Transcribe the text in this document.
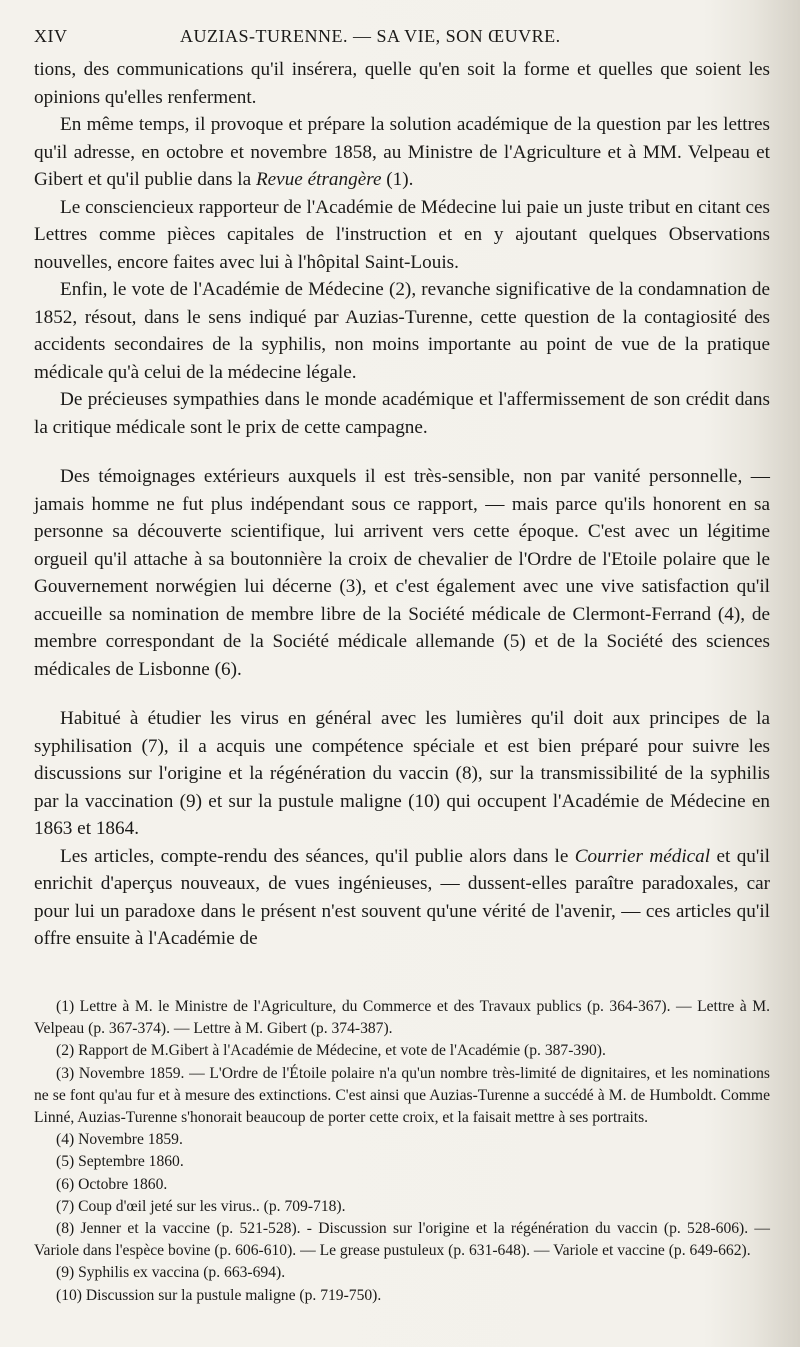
XIV	AUZIAS-TURENNE. — SA VIE, SON ŒUVRE.

tions, des communications qu'il insérera, quelle qu'en soit la forme et quelles que soient les opinions qu'elles renferment.

En même temps, il provoque et prépare la solution académique de la question par les lettres qu'il adresse, en octobre et novembre 1858, au Ministre de l'Agriculture et à MM. Velpeau et Gibert et qu'il publie dans la Revue étrangère (1).

Le consciencieux rapporteur de l'Académie de Médecine lui paie un juste tribut en citant ces Lettres comme pièces capitales de l'instruction et en y ajoutant quelques Observations nouvelles, encore faites avec lui à l'hôpital Saint-Louis.

Enfin, le vote de l'Académie de Médecine (2), revanche significative de la condamnation de 1852, résout, dans le sens indiqué par Auzias-Turenne, cette question de la contagiosité des accidents secondaires de la syphilis, non moins importante au point de vue de la pratique médicale qu'à celui de la médecine légale.

De précieuses sympathies dans le monde académique et l'affermissement de son crédit dans la critique médicale sont le prix de cette campagne.

Des témoignages extérieurs auxquels il est très-sensible, non par vanité personnelle, — jamais homme ne fut plus indépendant sous ce rapport, — mais parce qu'ils honorent en sa personne sa découverte scientifique, lui arrivent vers cette époque. C'est avec un légitime orgueil qu'il attache à sa boutonnière la croix de chevalier de l'Ordre de l'Etoile polaire que le Gouvernement norwégien lui décerne (3), et c'est également avec une vive satisfaction qu'il accueille sa nomination de membre libre de la Société médicale de Clermont-Ferrand (4), de membre correspondant de la Société médicale allemande (5) et de la Société des sciences médicales de Lisbonne (6).

Habitué à étudier les virus en général avec les lumières qu'il doit aux principes de la syphilisation (7), il a acquis une compétence spéciale et est bien préparé pour suivre les discussions sur l'origine et la régénération du vaccin (8), sur la transmissibilité de la syphilis par la vaccination (9) et sur la pustule maligne (10) qui occupent l'Académie de Médecine en 1863 et 1864.

Les articles, compte-rendu des séances, qu'il publie alors dans le Courrier médical et qu'il enrichit d'aperçus nouveaux, de vues ingénieuses, — dussent-elles paraître paradoxales, car pour lui un paradoxe dans le présent n'est souvent qu'une vérité de l'avenir, — ces articles qu'il offre ensuite à l'Académie de

(1) Lettre à M. le Ministre de l'Agriculture, du Commerce et des Travaux publics (p. 364-367). — Lettre à M. Velpeau (p. 367-374). — Lettre à M. Gibert (p. 374-387).

(2) Rapport de M.Gibert à l'Académie de Médecine, et vote de l'Académie (p. 387-390).

(3) Novembre 1859. — L'Ordre de l'Étoile polaire n'a qu'un nombre très-limité de dignitaires, et les nominations ne se font qu'au fur et à mesure des extinctions. C'est ainsi que Auzias-Turenne a succédé à M. de Humboldt. Comme Linné, Auzias-Turenne s'honorait beaucoup de porter cette croix, et la faisait mettre à ses portraits.

(4) Novembre 1859.

(5) Septembre 1860.

(6) Octobre 1860.

(7) Coup d'œil jeté sur les virus.. (p. 709-718).

(8) Jenner et la vaccine (p. 521-528). - Discussion sur l'origine et la régénération du vaccin (p. 528-606). — Variole dans l'espèce bovine (p. 606-610). — Le grease pustuleux (p. 631-648). — Variole et vaccine (p. 649-662).

(9) Syphilis ex vaccina (p. 663-694).

(10) Discussion sur la pustule maligne (p. 719-750).
